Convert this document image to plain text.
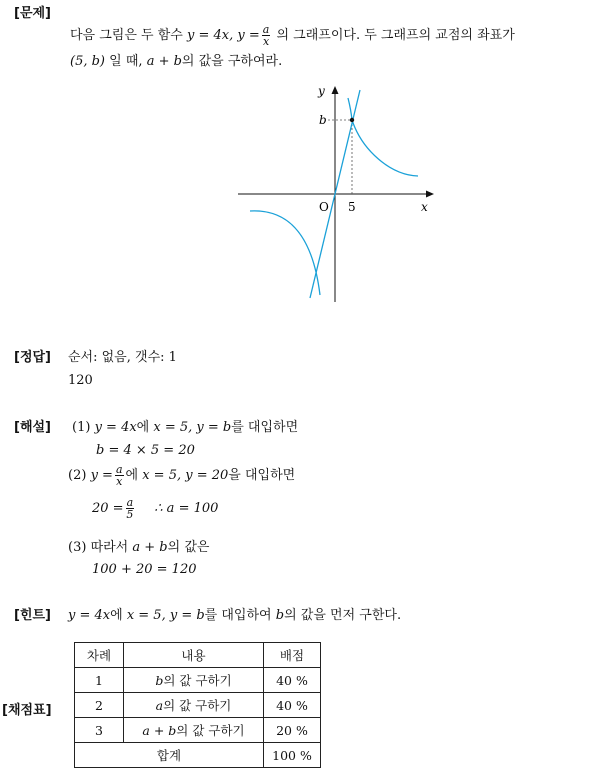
[문제]
다음 그림은 두 함수 y = 4x, $y = \frac{a}{x}$ 의 그래프이다. 두 그래프의 교점의 좌표가
(5, b) 일 때, a + b의 값을 구하여라.
y
x
O
b
5
[정답] 순서: 없음, 갯수: 1
120
[해설] (1) y = 4x에 x = 5, y = b를 대입하면
b = 4 × 5 = 20
(2) $y = \frac{a}{x}$ 에 x = 5, y = 20을 대입하면
$20 = \frac{a}{5}$ ∴ a = 100
(3) 따라서 a + b의 값은
100 + 20 = 120
[힌트] y = 4x에 x = 5, y = b를 대입하여 b의 값을 먼저 구한다.
[채점표]
차례	내용	배점
1	b의 값 구하기	40 %
2	a의 값 구하기	40 %
3	a + b의 값 구하기	20 %
합계		100 %
